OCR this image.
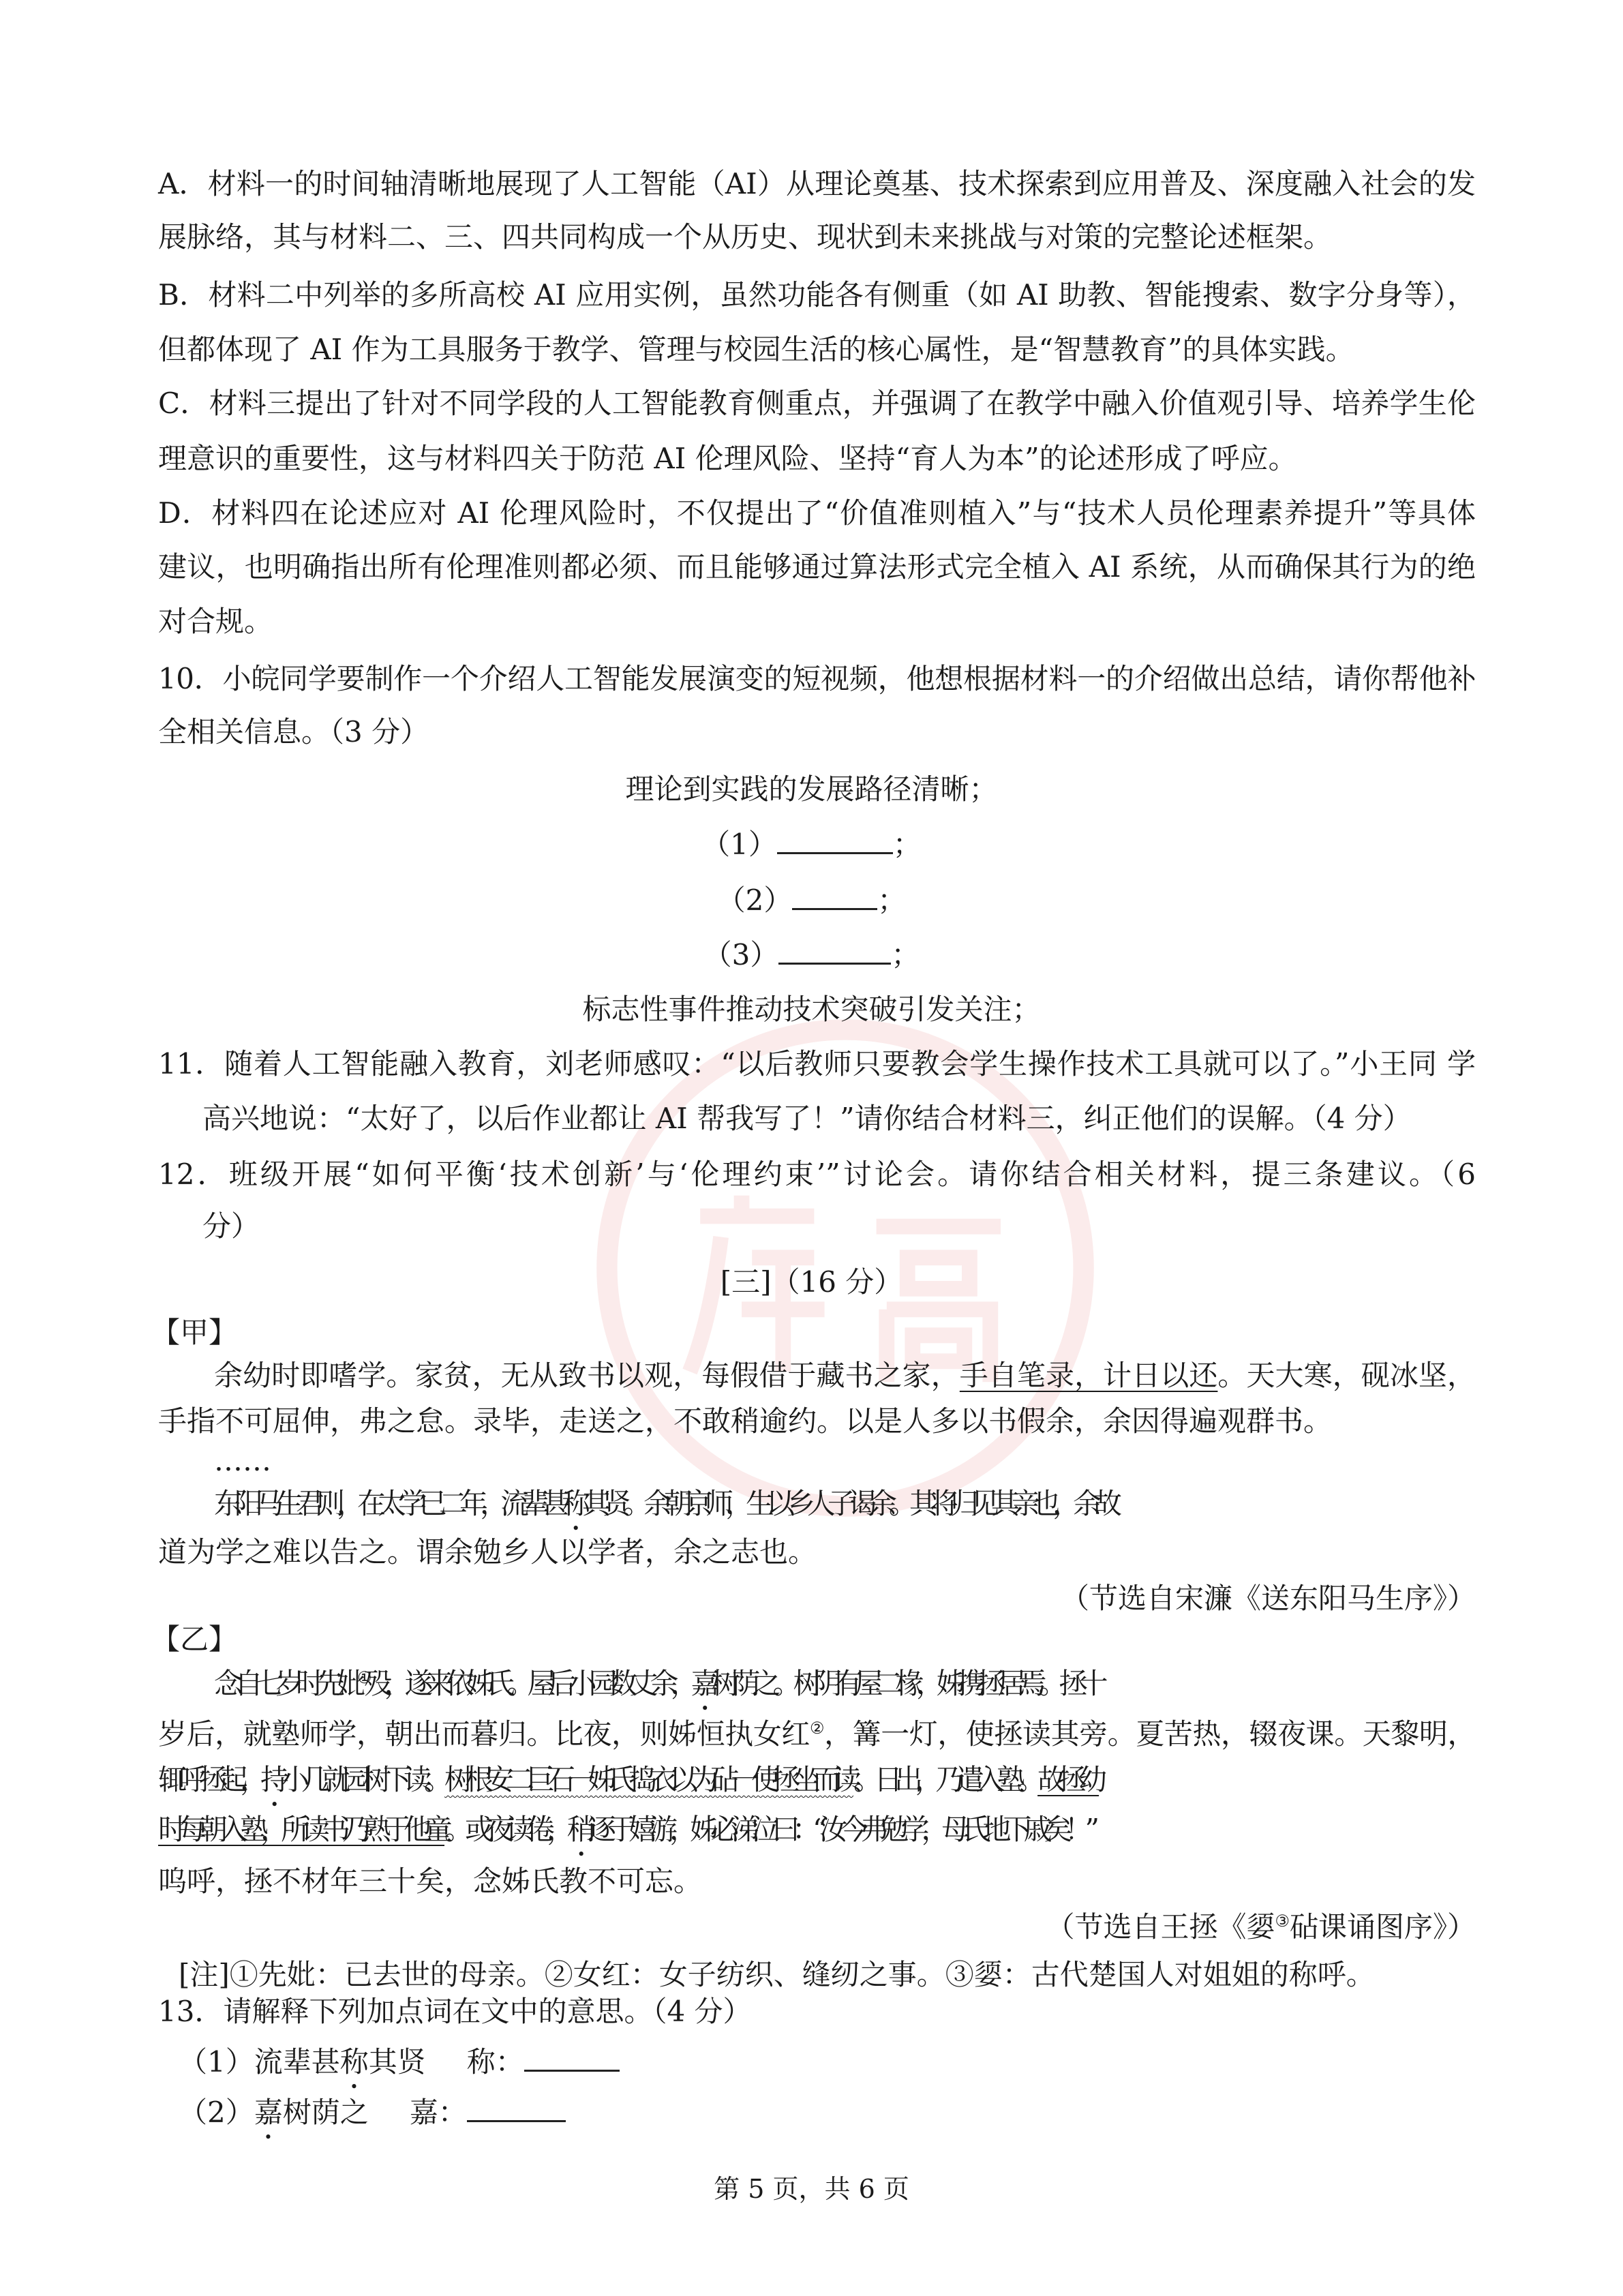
A．材料一的时间轴清晰地展现了人工智能（AI）从理论奠基、技术探索到应用普及、深度融入社会的发
展脉络，其与材料二、三、四共同构成一个从历史、现状到未来挑战与对策的完整论述框架。
B．材料二中列举的多所高校 AI 应用实例，虽然功能各有侧重（如 AI 助教、智能搜索、数字分身等），
但都体现了 AI 作为工具服务于教学、管理与校园生活的核心属性，是“智慧教育”的具体实践。
C．材料三提出了针对不同学段的人工智能教育侧重点，并强调了在教学中融入价值观引导、培养学生伦
理意识的重要性，这与材料四关于防范 AI 伦理风险、坚持“育人为本”的论述形成了呼应。
D．材料四在论述应对 AI 伦理风险时，不仅提出了“价值准则植入”与“技术人员伦理素养提升”等具体
建议，也明确指出所有伦理准则都必须、而且能够通过算法形式完全植入 AI 系统，从而确保其行为的绝
对合规。
10．小皖同学要制作一个介绍人工智能发展演变的短视频，他想根据材料一的介绍做出总结，请你帮他补
全相关信息。（3 分）
理论到实践的发展路径清晰；
（1）	；
（2）	；
（3）	；
标志性事件推动技术突破引发关注；
11．随着人工智能融入教育，刘老师感叹：“以后教师只要教会学生操作技术工具就可以了。”小王同 学
高兴地说：“太好了，以后作业都让 AI 帮我写了！”请你结合材料三，纠正他们的误解。（4 分）
12．班级开展“如何平衡‘技术创新’与‘伦理约束’”讨论会。请你结合相关材料，提三条建议。（6
分）
[三]（16 分）
【甲】
余幼时即嗜学。家贫，无从致书以观，每假借于藏书之家，手自笔录，计日以还。天大寒，砚冰坚，
手指不可屈伸，弗之怠。录毕，走送之，不敢稍逾约。以是人多以书假余，余因得遍观群书。
……
东阳马生君则，在太学已二年，流辈甚称其贤。余朝京师，生以乡人子谒余。其将归见其亲也，余故
道为学之难以告之。谓余勉乡人以学者，余之志也。
（节选自宋濂《送东阳马生序》）
【乙】
念自七岁时先妣①殁，遂来依姊氏。屋后小园数丈余，嘉树荫之。树阴有屋二椽，姊携拯居焉。拯十
岁后，就塾师学，朝出而暮归。比夜，则姊恒执女红②，篝一灯，使拯读其旁。夏苦热，辍夜课。天黎明，
辄呼拯起，持小几就园树下读。树根安二巨石一姊氏捣衣以为砧一使拯坐而读。日出，乃遣入塾。故拯幼
时每朝入塾，所读书乃熟于他童。或夜读倦，稍逐于嬉游，姊必涕泣曰：“汝今弗勉学，母氏地下戚矣！”
呜呼，拯不材年三十矣，念姊氏教不可忘。
（节选自王拯《媭③砧课诵图序》）
[注]①先妣：已去世的母亲。②女红：女子纺织、缝纫之事。③媭：古代楚国人对姐姐的称呼。
13．请解释下列加点词在文中的意思。（4 分）
（1）流辈甚称其贤 称：
（2）嘉树荫之 嘉：
第 5 页，共 6 页
